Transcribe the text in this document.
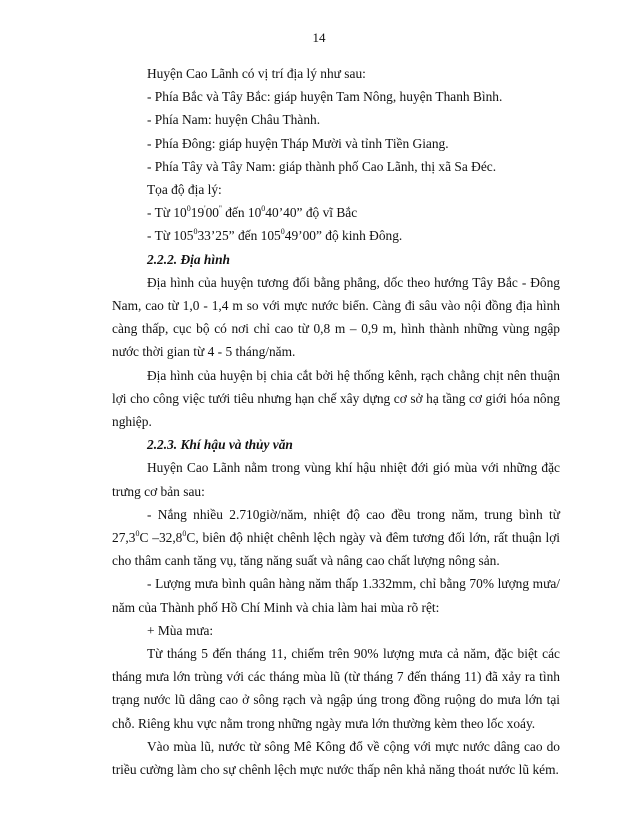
14

Huyện Cao Lãnh có vị trí địa lý như sau:

- Phía Bắc và Tây Bắc: giáp huyện Tam Nông, huyện Thanh Bình.

- Phía Nam: huyện Châu Thành.

- Phía Đông: giáp huyện Tháp Mười và tỉnh Tiền Giang.

- Phía Tây và Tây Nam: giáp thành phố Cao Lãnh, thị xã Sa Đéc.

Tọa độ địa lý:

- Từ $10^019'00''$ đến $10^040’40$” độ vĩ Bắc

- Từ $105^033’25$” đến $105^049’00$” độ kinh Đông.

2.2.2. Địa hình

Địa hình của huyện tương đối bằng phẳng, dốc theo hướng Tây Bắc - Đông Nam, cao từ 1,0 - 1,4 m so với mực nước biển. Càng đi sâu vào nội đồng địa hình càng thấp, cục bộ có nơi chỉ cao từ 0,8 m – 0,9 m, hình thành những vùng ngập nước thời gian từ 4 - 5 tháng/năm.

Địa hình của huyện bị chia cắt bởi hệ thống kênh, rạch chằng chịt nên thuận lợi cho công việc tưới tiêu nhưng hạn chế xây dựng cơ sở hạ tầng cơ giới hóa nông nghiệp.

2.2.3. Khí hậu và thủy văn

Huyện Cao Lãnh nằm trong vùng khí hậu nhiệt đới gió mùa với những đặc trưng cơ bản sau:

- Nắng nhiều 2.710giờ/năm, nhiệt độ cao đều trong năm, trung bình từ 27,3$^0$C –32,8$^0$C, biên độ nhiệt chênh lệch ngày và đêm tương đối lớn, rất thuận lợi cho thâm canh tăng vụ, tăng năng suất và nâng cao chất lượng nông sản.

- Lượng mưa bình quân hàng năm thấp 1.332mm, chỉ bằng 70% lượng mưa/ năm của Thành phố Hồ Chí Minh và chia làm hai mùa rõ rệt:

+ Mùa mưa:

Từ tháng 5 đến tháng 11, chiếm trên 90% lượng mưa cả năm, đặc biệt các tháng mưa lớn trùng với các tháng mùa lũ (từ tháng 7 đến tháng 11) đã xảy ra tình trạng nước lũ dâng cao ở sông rạch và ngập úng trong đồng ruộng do mưa lớn tại chỗ. Riêng khu vực nằm trong những ngày mưa lớn thường kèm theo lốc xoáy.

Vào mùa lũ, nước từ sông Mê Kông đổ về cộng với mực nước dâng cao do triều cường làm cho sự chênh lệch mực nước thấp nên khả năng thoát nước lũ kém.
